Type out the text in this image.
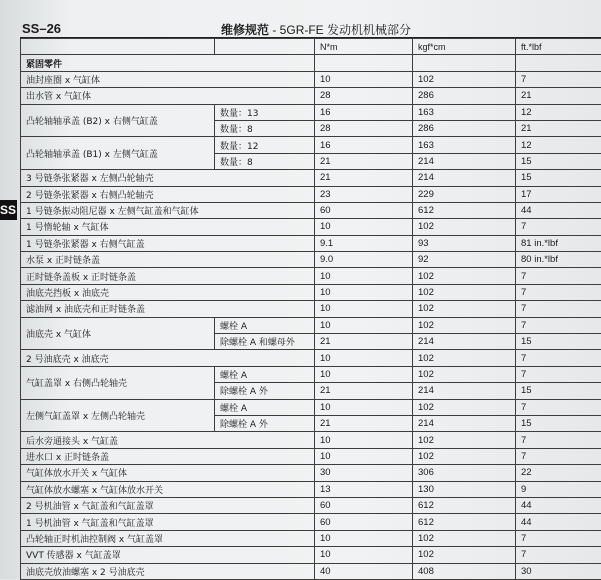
SS–26	维修规范 - 5GR-FE 发动机机械部分
SS
		N*m	kgf*cm	ft.*lbf
紧固零件				
油封座圈 x 气缸体		10	102	7
出水管 x 气缸体		28	286	21
凸轮轴轴承盖 (B2) x 右侧气缸盖	数量：13	16	163	12
	数量：8	28	286	21
凸轮轴轴承盖 (B1) x 左侧气缸盖	数量：12	16	163	12
	数量：8	21	214	15
3 号链条张紧器 x 左侧凸轮轴壳		21	214	15
2 号链条张紧器 x 右侧凸轮轴壳		23	229	17
1 号链条振动阻尼器 x 左侧气缸盖和气缸体		60	612	44
1 号惰轮轴 x 气缸体		10	102	7
1 号链条张紧器 x 右侧气缸盖		9.1	93	81 in.*lbf
水泵 x 正时链条盖		9.0	92	80 in.*lbf
正时链条盖板 x 正时链条盖		10	102	7
油底壳挡板 x 油底壳		10	102	7
滤油网 x 油底壳和正时链条盖		10	102	7
油底壳 x 气缸体	螺栓 A	10	102	7
	除螺栓 A 和螺母外	21	214	15
2 号油底壳 x 油底壳		10	102	7
气缸盖罩 x 右侧凸轮轴壳	螺栓 A	10	102	7
	除螺栓 A 外	21	214	15
左侧气缸盖罩 x 左侧凸轮轴壳	螺栓 A	10	102	7
	除螺栓 A 外	21	214	15
后水旁通接头 x 气缸盖		10	102	7
进水口 x 正时链条盖		10	102	7
气缸体放水开关 x 气缸体		30	306	22
气缸体放水螺塞 x 气缸体放水开关		13	130	9
2 号机油管 x 气缸盖和气缸盖罩		60	612	44
1 号机油管 x 气缸盖和气缸盖罩		60	612	44
凸轮轴正时机油控制阀 x 气缸盖罩		10	102	7
VVT 传感器 x 气缸盖罩		10	102	7
油底壳放油螺塞 x 2 号油底壳		40	408	30
